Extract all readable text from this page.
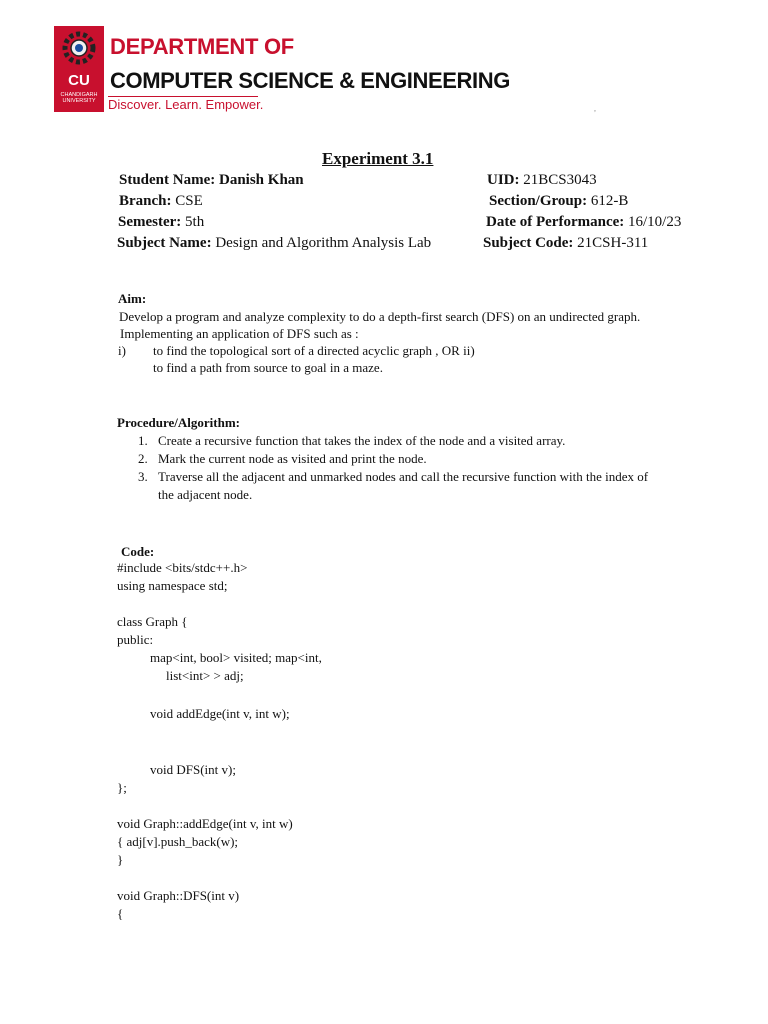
CU
CHANDIGARH UNIVERSITY
DEPARTMENT OF
COMPUTER SCIENCE & ENGINEERING
Discover. Learn. Empower.	,
Experiment 3.1
Student Name: Danish Khan	UID: 21BCS3043
Branch: CSE	Section/Group: 612-B
Semester: 5th	Date of Performance: 16/10/23
Subject Name: Design and Algorithm Analysis Lab	Subject Code: 21CSH-311
Aim:
Develop a program and analyze complexity to do a depth-first search (DFS) on an undirected graph.
Implementing an application of DFS such as :
i) to find the topological sort of a directed acyclic graph , OR ii)
to find a path from source to goal in a maze.
Procedure/Algorithm:
1. Create a recursive function that takes the index of the node and a visited array.
2. Mark the current node as visited and print the node.
3. Traverse all the adjacent and unmarked nodes and call the recursive function with the index of
the adjacent node.
Code:
#include <bits/stdc++.h>
using namespace std;
class Graph {
public:
map<int, bool> visited; map<int,
list<int> > adj;
void addEdge(int v, int w);
void DFS(int v);
};
void Graph::addEdge(int v, int w)
{ adj[v].push_back(w);
}
void Graph::DFS(int v)
{
